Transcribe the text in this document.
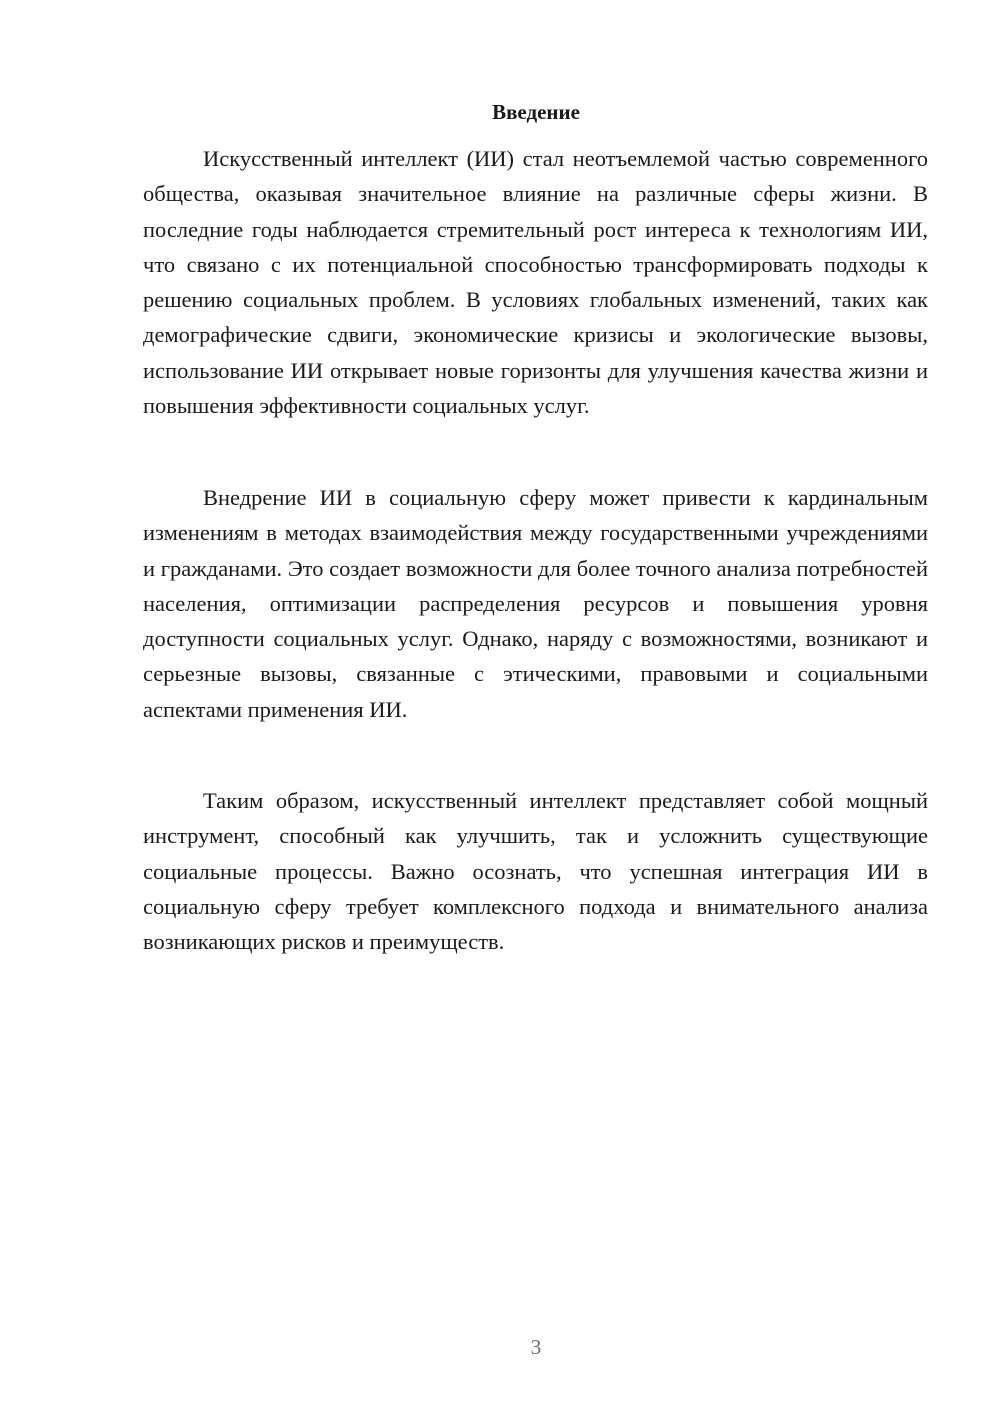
Введение

Искусственный интеллект (ИИ) стал неотъемлемой частью современного общества, оказывая значительное влияние на различные сферы жизни. В последние годы наблюдается стремительный рост интереса к технологиям ИИ, что связано с их потенциальной способностью трансформировать подходы к решению социальных проблем. В условиях глобальных изменений, таких как демографические сдвиги, экономические кризисы и экологические вызовы, использование ИИ открывает новые горизонты для улучшения качества жизни и повышения эффективности социальных услуг.

Внедрение ИИ в социальную сферу может привести к кардинальным изменениям в методах взаимодействия между государственными учреждениями и гражданами. Это создает возможности для более точного анализа потребностей населения, оптимизации распределения ресурсов и повышения уровня доступности социальных услуг. Однако, наряду с возможностями, возникают и серьезные вызовы, связанные с этическими, правовыми и социальными аспектами применения ИИ.

Таким образом, искусственный интеллект представляет собой мощный инструмент, способный как улучшить, так и усложнить существующие социальные процессы. Важно осознать, что успешная интеграция ИИ в социальную сферу требует комплексного подхода и внимательного анализа возникающих рисков и преимуществ.

3
